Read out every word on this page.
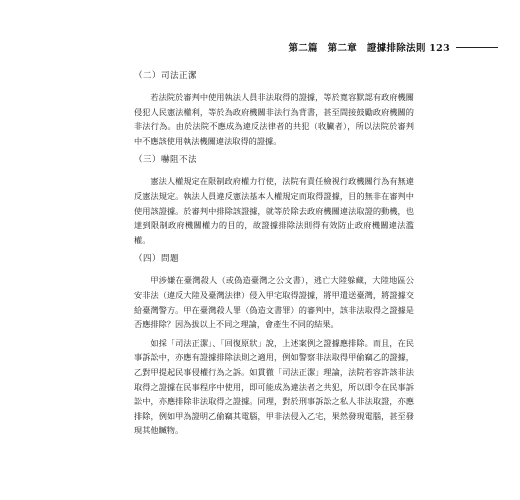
第二篇　第二章　證據排除法則 123
（二）司法正潔

若法院於審判中使用執法人員非法取得的證據，等於寬容默認有政府機關侵犯人民憲法權利，等於為政府機關非法行為背書，甚至間接鼓勵政府機關的非法行為。由於法院不應成為違反法律者的共犯（收臟者），所以法院於審判中不應該使用執法機關違法取得的證據。

（三）嚇阻不法

憲法人權規定在限制政府權力行使，法院有責任檢視行政機關行為有無違反憲法規定。執法人員違反憲法基本人權規定而取得證據，目的無非在審判中使用該證據。於審判中排除該證據，就等於除去政府機關違法取證的動機，也達到限制政府機關權力的目的，故證據排除法則得有效防止政府機關違法濫權。

（四）問題

甲涉嫌在臺灣殺人（或偽造臺灣之公文書），逃亡大陸躲藏，大陸地區公安非法（違反大陸及臺灣法律）侵入甲宅取得證據，將甲遣送臺灣，將證據交給臺灣警方。甲在臺灣殺人罪（偽造文書罪）的審判中，該非法取得之證據是否應排除？因為拔以上不同之理論，會產生不同的結果。

如採「司法正潔」、「回復原狀」說，上述案例之證據應排除。而且，在民事訴訟中，亦應有證據排除法則之適用，例如警察非法取得甲偷竊乙的證據，乙對甲提起民事侵權行為之訴。如貫徹「司法正潔」理論，法院若容許該非法取得之證據在民事程序中使用，即可能成為違法者之共犯，所以即令在民事訴訟中，亦應排除非法取得之證據。同理，對於刑事訴訟之私人非法取證，亦應排除，例如甲為證明乙偷竊其電腦，甲非法侵入乙宅，果然發現電腦，甚至發現其他贓物。
